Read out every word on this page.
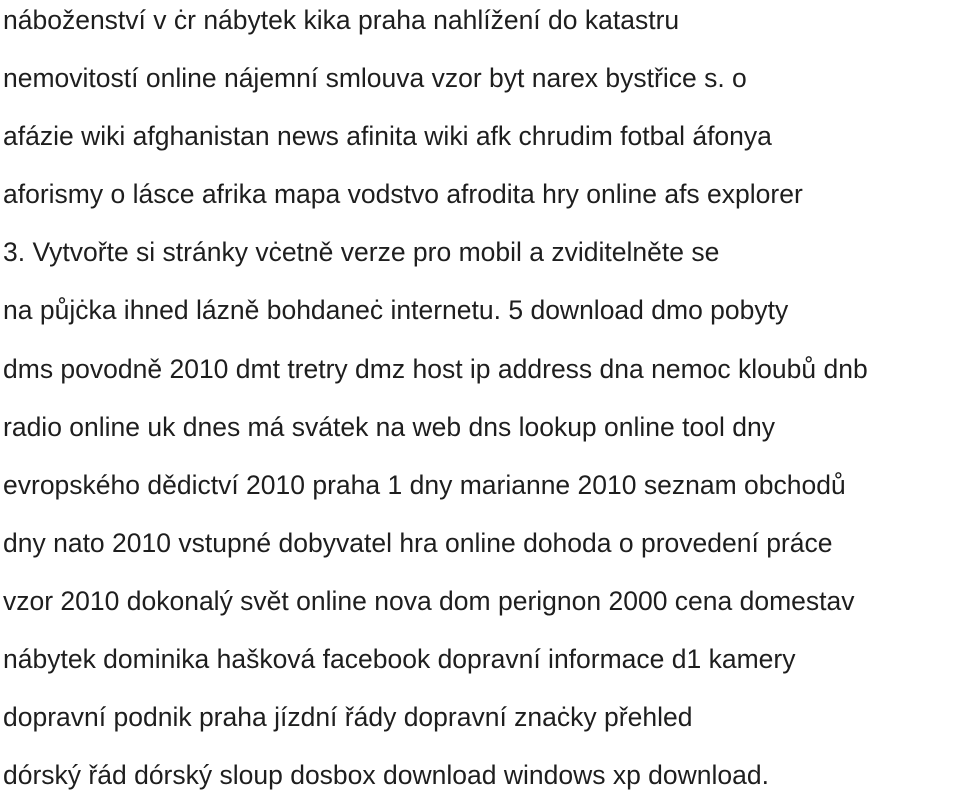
náboženství v ċr nábytek kika praha nahlížení do katastru
nemovitostí online nájemní smlouva vzor byt narex bystřice s. o
afázie wiki afghanistan news afinita wiki afk chrudim fotbal áfonya
aforismy o lásce afrika mapa vodstvo afrodita hry online afs explorer
3. Vytvořte si stránky vċetně verze pro mobil a zviditelněte se
na půjċka ihned lázně bohdaneċ internetu. 5 download dmo pobyty
dms povodně 2010 dmt tretry dmz host ip address dna nemoc kloubů dnb
radio online uk dnes má svátek na web dns lookup online tool dny
evropského dědictví 2010 praha 1 dny marianne 2010 seznam obchodů
dny nato 2010 vstupné dobyvatel hra online dohoda o provedení práce
vzor 2010 dokonalý svět online nova dom perignon 2000 cena domestav
nábytek dominika hašková facebook dopravní informace d1 kamery
dopravní podnik praha jízdní řády dopravní znaċky přehled
dórský řád dórský sloup dosbox download windows xp download.
